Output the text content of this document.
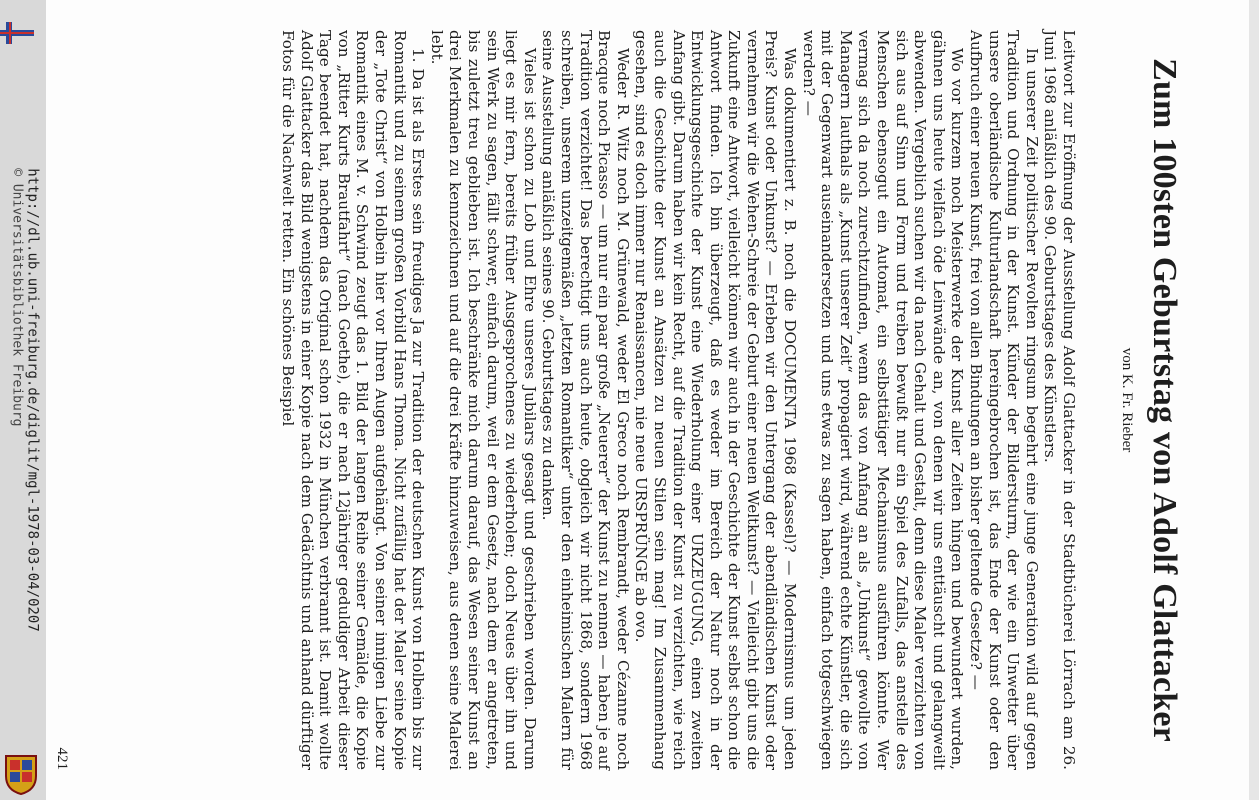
http://dl.ub.uni-freiburg.de/diglit/mgl-1978-03-04/0207
© Universitätsbibliothek Freiburg	Zum 100sten Geburtstag von Adolf Glattacker
von K. Fr. Rieber

Leitwort zur Eröffnung der Ausstellung Adolf Glattacker in der Stadtbücherei Lörrach am 26. Juni 1968 anläßlich des 90. Geburtstages des Künstlers.

In unserer Zeit politischer Revolten ringsum begehrt eine junge Generation wild auf gegen Tradition und Ordnung in der Kunst. Künder der Bildersturm, der wie ein Unwetter über unsere oberländische Kulturlandschaft hereingebrochen ist, das Ende der Kunst oder den Aufbruch einer neuen Kunst, frei von allen Bindungen an bisher geltende Gesetze? —

Wo vor kurzem noch Meisterwerke der Kunst aller Zeiten hingen und bewundert wurden, gähnen uns heute vielfach öde Leinwände an, von denen wir uns enttäuscht und gelangweilt abwenden. Vergeblich suchen wir da nach Gehalt und Gestalt, denn diese Maler verzichten von sich aus auf Sinn und Form und treiben bewußt nur ein Spiel des Zufalls, das anstelle des Menschen ebensogut ein Automat, ein selbsttätiger Mechanismus ausführen könnte. Wer vermag sich da noch zurechtzufinden, wenn das von Anfang an als „Unkunst“ gewollte von Managern lauthals als „Kunst unserer Zeit“ propagiert wird, während echte Künstler, die sich mit der Gegenwart auseinandersetzen und uns etwas zu sagen haben, einfach totgeschwiegen werden? —

Was dokumentiert z. B. noch die DOCUMENTA 1968 (Kassel)? — Modernismus um jeden Preis? Kunst oder Unkunst? — Erleben wir den Untergang der abendländischen Kunst oder vernehmen wir die Wehen-Schreie der Geburt einer neuen Weltkunst? — Vielleicht gibt uns die Zukunft eine Antwort, vielleicht können wir auch in der Geschichte der Kunst selbst schon die Antwort finden. Ich bin überzeugt, daß es weder im Bereich der Natur noch in der Entwicklungsgeschichte der Kunst eine Wiederholung einer URZEUGUNG, einen zweiten Anfang gibt. Darum haben wir kein Recht, auf die Tradition der Kunst zu verzichten, wie reich auch die Geschichte der Kunst an Ansätzen zu neuen Stilen sein mag! Im Zusammenhang gesehen, sind es doch immer nur Renaissancen, nie neue URSPRÜNGE ab ovo.

Weder R. Witz noch M. Grünewald, weder El Greco noch Rembrandt, weder Cézanne noch Bracque noch Picasso — um nur ein paar große „Neuerer“ der Kunst zu nennen — haben je auf Tradition verzichtet! Das berechtigt uns auch heute, obgleich wir nicht 1868, sondern 1968 schreiben, unserem unzeitgemäßen „letzten Romantiker“ unter den einheimischen Malern für seine Ausstellung anläßlich seines 90. Geburtstages zu danken.

Vieles ist schon zu Lob und Ehre unseres Jubilars gesagt und geschrieben worden. Darum liegt es mir fern, bereits früher Ausgesprochenes zu wiederholen; doch Neues über ihn und sein Werk zu sagen, fällt schwer, einfach darum, weil er dem Gesetz, nach dem er angetreten, bis zuletzt treu geblieben ist. Ich beschränke mich darum darauf, das Wesen seiner Kunst an drei Merkmalen zu kennzeichnen und auf die drei Kräfte hinzuweisen, aus denen seine Malerei lebt.

1. Da ist als Erstes sein freudiges Ja zur Tradition der deutschen Kunst von Holbein bis zur Romantik und zu seinem großen Vorbild Hans Thoma. Nicht zufällig hat der Maler seine Kopie der „Tote Christ“ von Holbein hier vor Ihren Augen aufgehängt. Von seiner innigen Liebe zur Romantik eines M. v. Schwind zeugt das 1. Bild der langen Reihe seiner Gemälde, die Kopie von „Ritter Kurts Brautfahrt“ (nach Goethe), die er nach 12jähriger geduldiger Arbeit dieser Tage beendet hat, nachdem das Original schon 1932 in München verbrannt ist. Damit wollte Adolf Glattacker das Bild wenigstens in einer Kopie nach dem Gedächtnis und anhand dürftiger Fotos für die Nachwelt retten. Ein schönes Beispiel

421
